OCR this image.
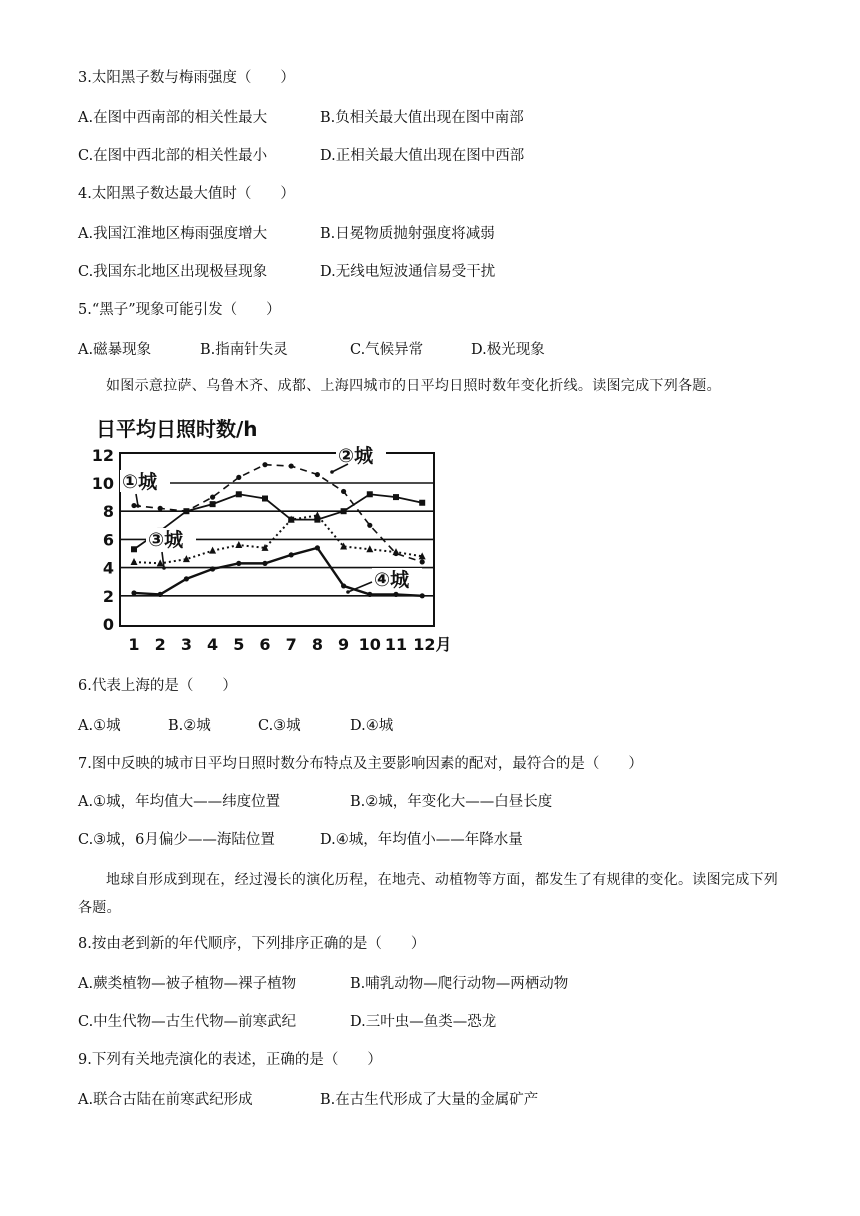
3.太阳黑子数与梅雨强度（　　）
A.在图中西南部的相关性最大	B.负相关最大值出现在图中南部
C.在图中西北部的相关性最小	D.正相关最大值出现在图中西部
4.太阳黑子数达最大值时（　　）
A.我国江淮地区梅雨强度增大	B.日冕物质抛射强度将减弱
C.我国东北地区出现极昼现象	D.无线电短波通信易受干扰
5.“黑子”现象可能引发（　　）
A.磁暴现象	B.指南针失灵	C.气候异常	D.极光现象
如图示意拉萨、乌鲁木齐、成都、上海四城市的日平均日照时数年变化折线。读图完成下列各题。
日平均日照时数/h
0
2
4
6
8
10
12
1 2 3 4 5 6 7 8 9 10 11 12月
①城
②城
③城
④城
6.代表上海的是（　　）
A.①城	B.②城	C.③城	D.④城
7.图中反映的城市日平均日照时数分布特点及主要影响因素的配对，最符合的是（　　）
A.①城，年均值大——纬度位置	B.②城，年变化大——白昼长度
C.③城，6月偏少——海陆位置	D.④城，年均值小——年降水量
地球自形成到现在，经过漫长的演化历程，在地壳、动植物等方面，都发生了有规律的变化。读图完成下列各题。
8.按由老到新的年代顺序，下列排序正确的是（　　）
A.蕨类植物—被子植物—裸子植物	B.哺乳动物—爬行动物—两栖动物
C.中生代物—古生代物—前寒武纪	D.三叶虫—鱼类—恐龙
9.下列有关地壳演化的表述，正确的是（　　）
A.联合古陆在前寒武纪形成	B.在古生代形成了大量的金属矿产
